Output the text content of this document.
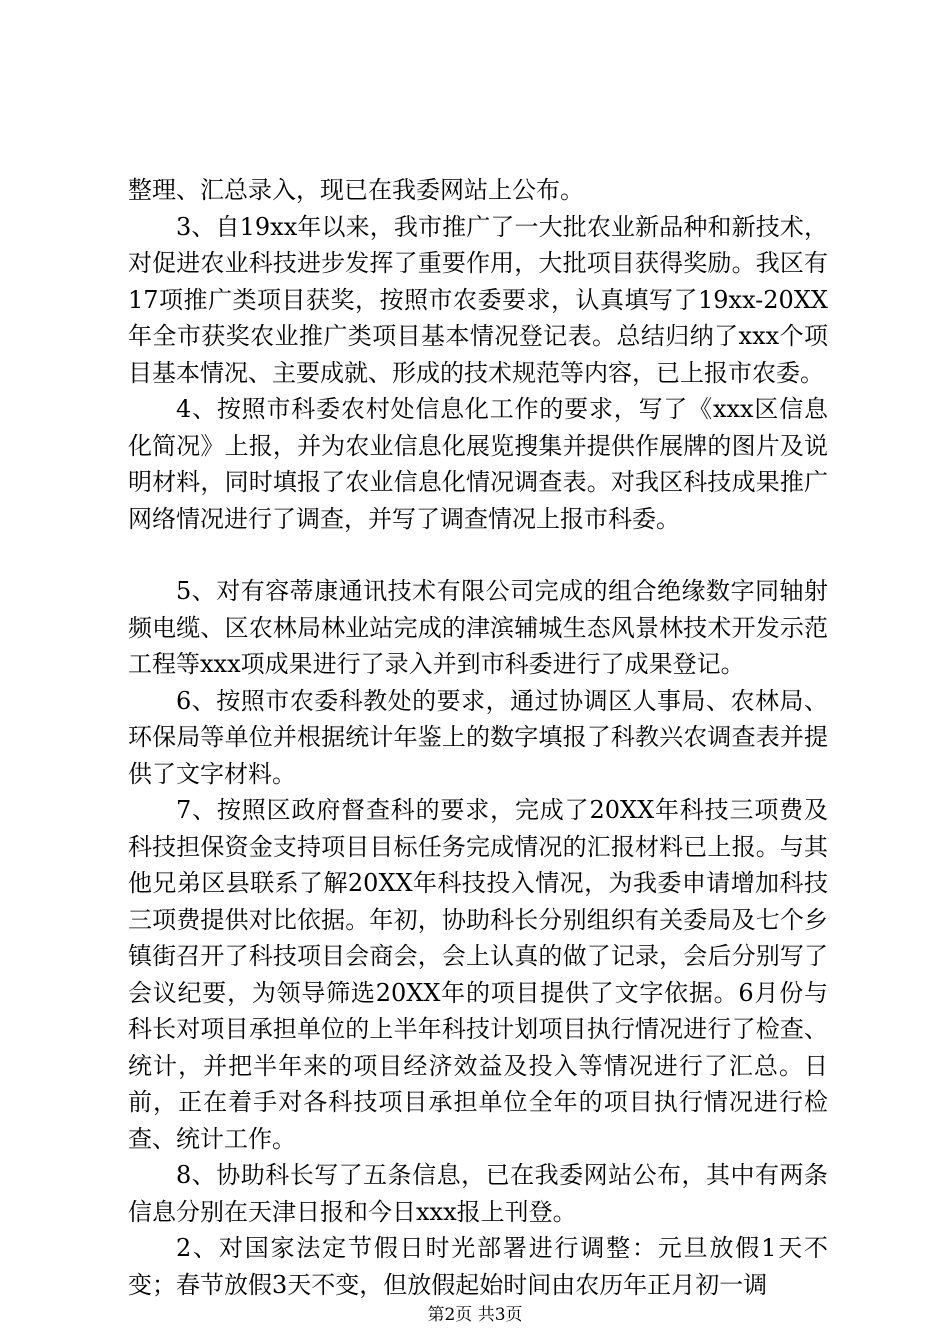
整理、汇总录入，现已在我委网站上公布。

3、自19xx年以来，我市推广了一大批农业新品种和新技术，对促进农业科技进步发挥了重要作用，大批项目获得奖励。我区有17项推广类项目获奖，按照市农委要求，认真填写了19xx-20XX年全市获奖农业推广类项目基本情况登记表。总结归纳了xxx个项目基本情况、主要成就、形成的技术规范等内容，已上报市农委。

4、按照市科委农村处信息化工作的要求，写了《xxx区信息化简况》上报，并为农业信息化展览搜集并提供作展牌的图片及说明材料，同时填报了农业信息化情况调查表。对我区科技成果推广网络情况进行了调查，并写了调查情况上报市科委。

5、对有容蒂康通讯技术有限公司完成的组合绝缘数字同轴射频电缆、区农林局林业站完成的津滨辅城生态风景林技术开发示范工程等xxx项成果进行了录入并到市科委进行了成果登记。

6、按照市农委科教处的要求，通过协调区人事局、农林局、环保局等单位并根据统计年鉴上的数字填报了科教兴农调查表并提供了文字材料。

7、按照区政府督查科的要求，完成了20XX年科技三项费及科技担保资金支持项目目标任务完成情况的汇报材料已上报。与其他兄弟区县联系了解20XX年科技投入情况，为我委申请增加科技三项费提供对比依据。年初，协助科长分别组织有关委局及七个乡镇街召开了科技项目会商会，会上认真的做了记录，会后分别写了会议纪要，为领导筛选20XX年的项目提供了文字依据。6月份与科长对项目承担单位的上半年科技计划项目执行情况进行了检查、统计，并把半年来的项目经济效益及投入等情况进行了汇总。日前，正在着手对各科技项目承担单位全年的项目执行情况进行检查、统计工作。

8、协助科长写了五条信息，已在我委网站公布，其中有两条信息分别在天津日报和今日xxx报上刊登。

2、对国家法定节假日时光部署进行调整：元旦放假1天不变；春节放假3天不变，但放假起始时间由农历年正月初一调

第2页 共3页
